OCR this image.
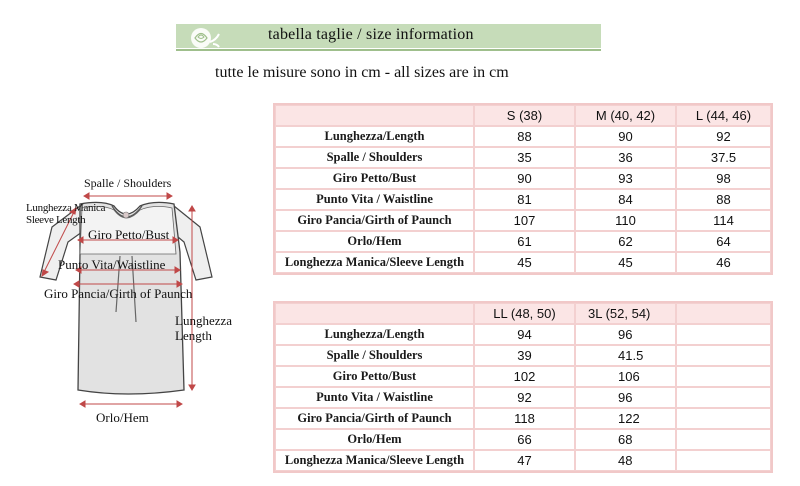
tabella taglie / size information
tutte le misure sono in cm - all sizes are in cm
	S (38)	M (40, 42)	L (44, 46)
Lunghezza/Length	88	90	92
Spalle / Shoulders	35	36	37.5
Giro Petto/Bust	90	93	98
Punto Vita / Waistline	81	84	88
Giro Pancia/Girth of Paunch	107	110	114
Orlo/Hem	61	62	64
Longhezza Manica/Sleeve Length	45	45	46
	LL (48, 50)	3L (52, 54)	
Lunghezza/Length	94	96	
Spalle / Shoulders	39	41.5	
Giro Petto/Bust	102	106	
Punto Vita / Waistline	92	96	
Giro Pancia/Girth of Paunch	118	122	
Orlo/Hem	66	68	
Longhezza Manica/Sleeve Length	47	48	
Spalle / Shoulders
Lunghezza Manica
Sleeve Length
Giro Petto/Bust
Punto Vita/Waistline
Giro Pancia/Girth of Paunch
Lunghezza
Length
Orlo/Hem
